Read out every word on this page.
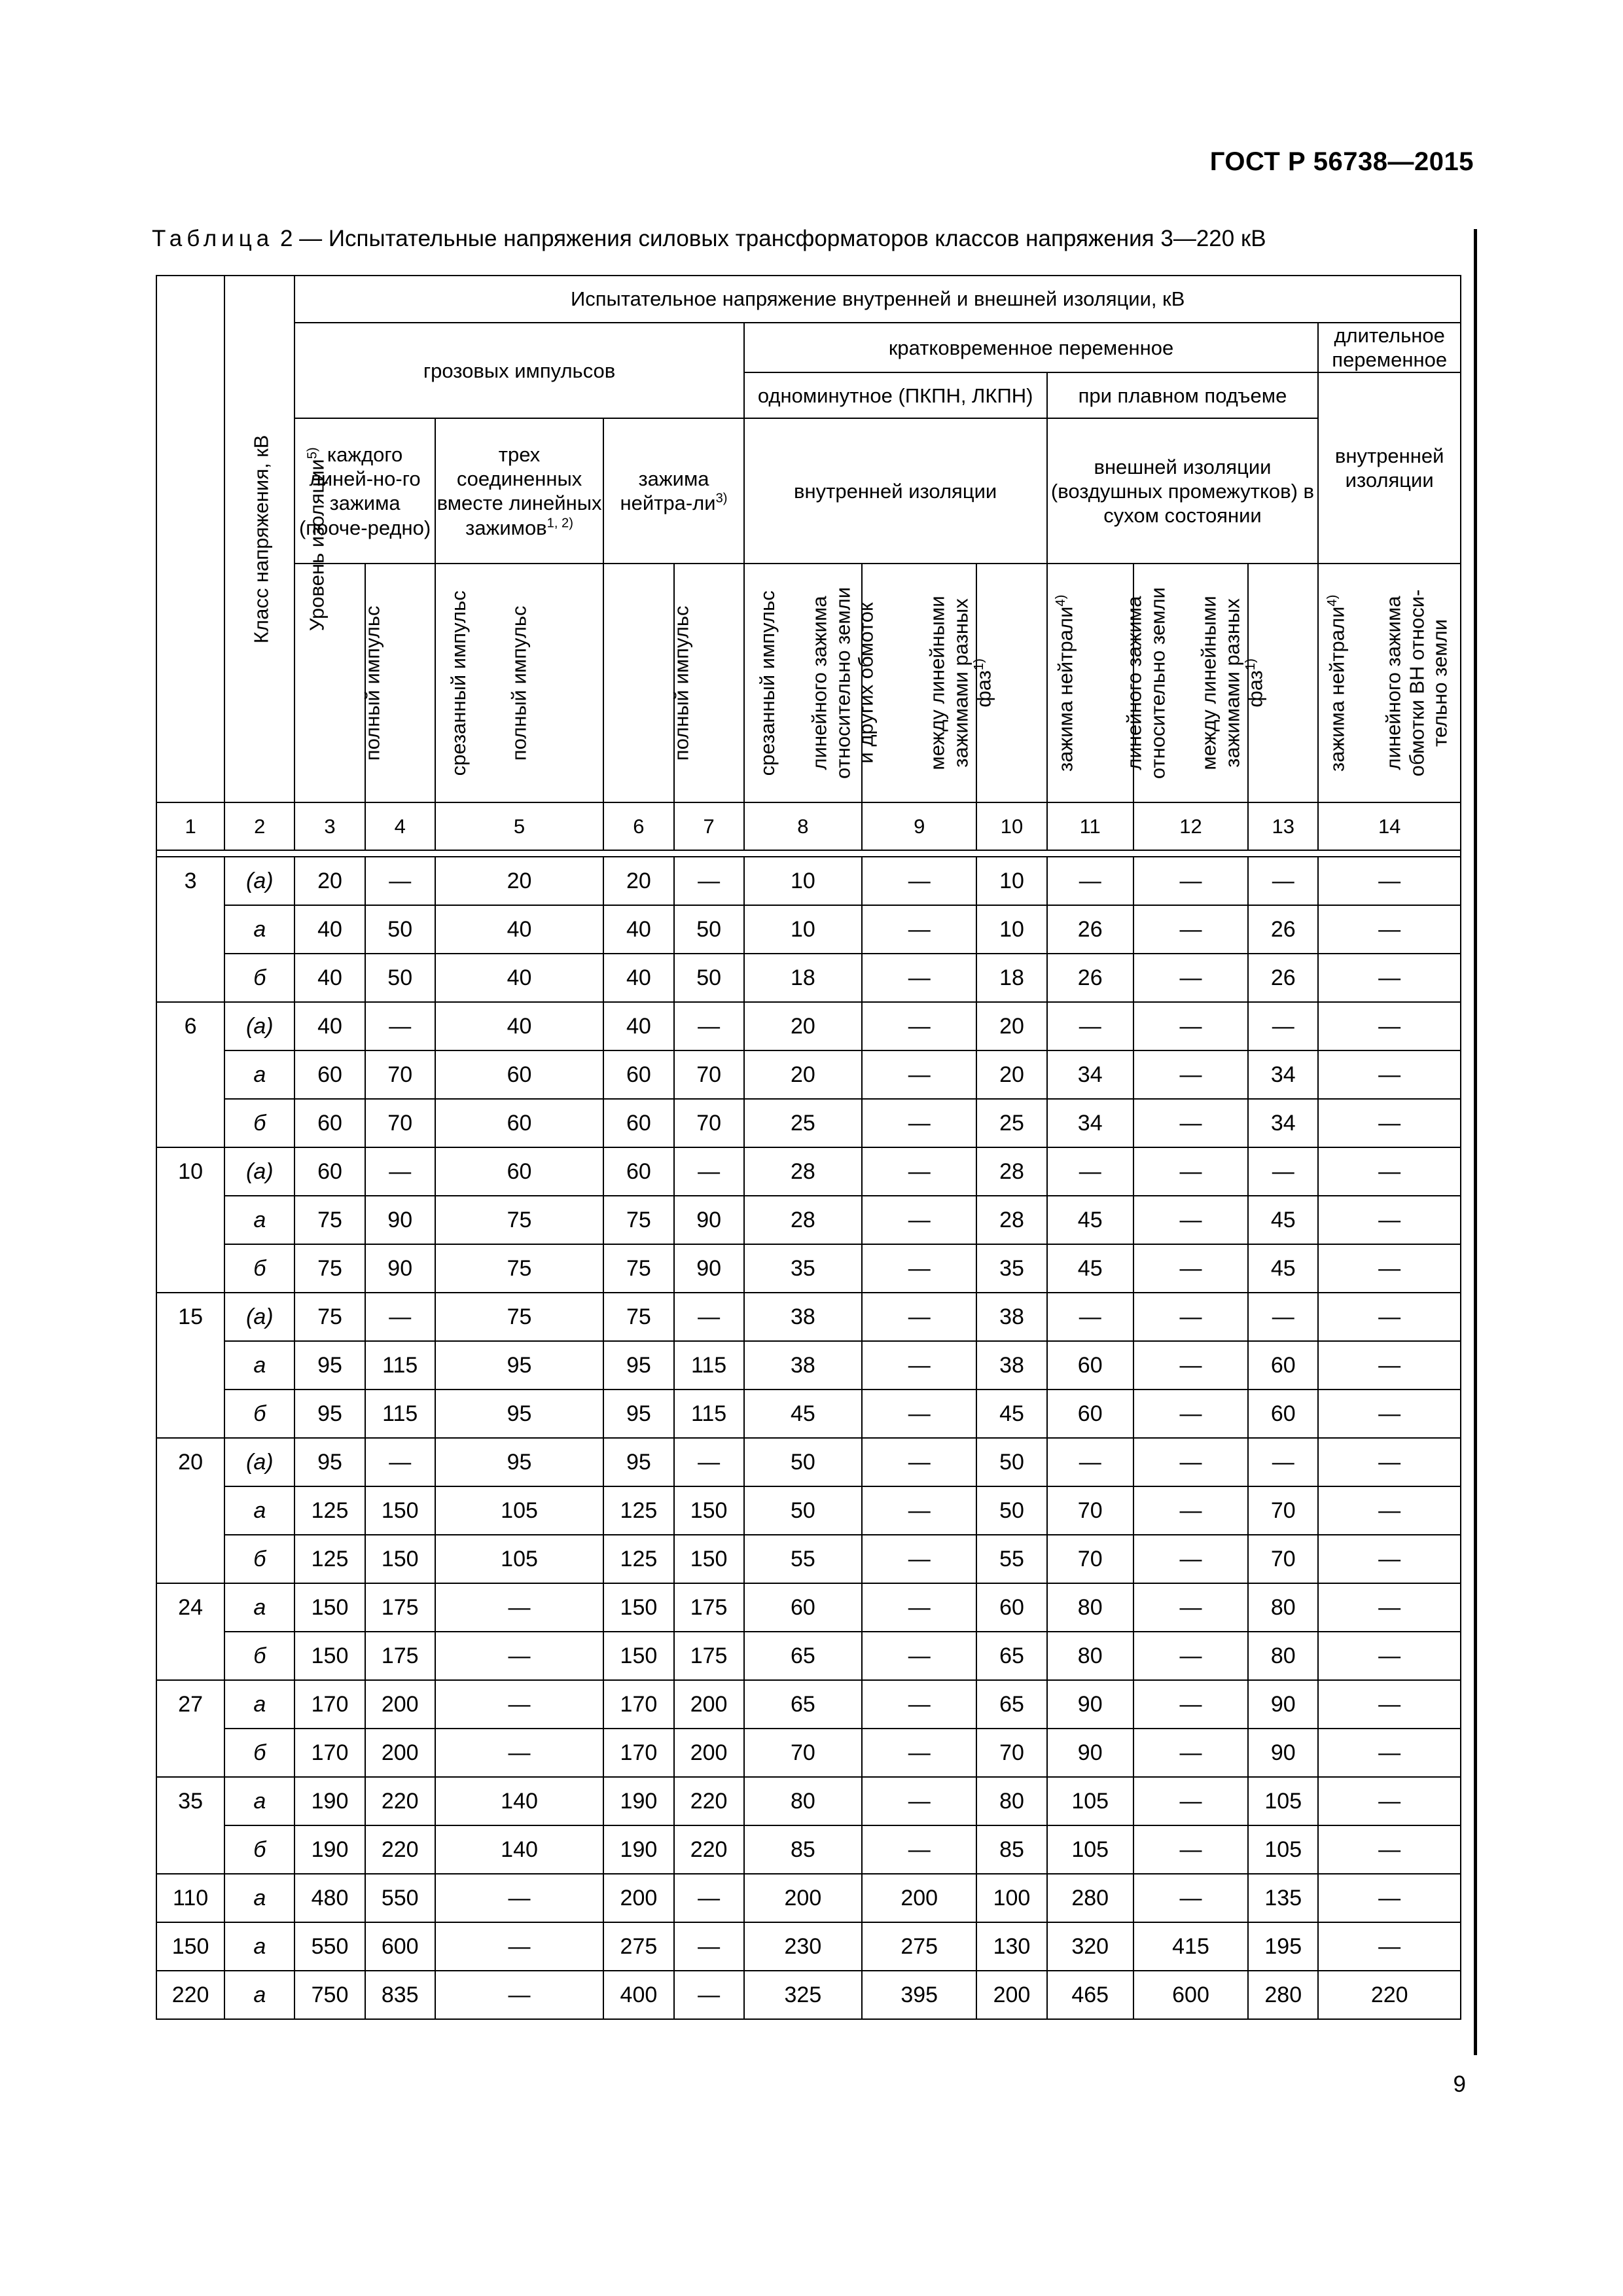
ГОСТ Р 56738—2015
Таблица 2 — Испытательные напряжения силовых трансформаторов классов напряжения 3—220 кВ
Класс напряжения, кВ	Уровень изоляции$^{5)}$	Испытательное напряжение внутренней и внешней изоляции, кВ											
		грозовых импульсов					кратковременное переменное						длительное переменное
							одноминутное (ПКПН, ЛКПН)			при плавном подъеме			внутренней изоляции
		каждого линей-но-го зажима (пооче-редно)		трех соединенных вместе линейных зажимов$^{1, 2)}$	зажима нейтра-$ли^{3)}$		внутренней изоляции			внешней изоляции (воздушных промежутков) в сухом состоянии			
		полный импульс	срезанный импульс	полный импульс	полный импульс	срезанный импульс	линейного зажима относительно земли и других обмоток	между линейными зажимами разных фаз$^{1)}$	зажима нейтрали$^{4)}$	линейного зажима относительно земли	между линейными зажимами разных фаз$^{1)}$	зажима нейтрали$^{4)}$	линейного зажима обмотки ВН относи-тельно земли
1	2	3	4	5	6	7	8	9	10	11	12	13	14

3	(а)	20	—	20	20	—	10	—	10	—	—	—	—
	а	40	50	40	40	50	10	—	10	26	—	26	—
	б	40	50	40	40	50	18	—	18	26	—	26	—
6	(а)	40	—	40	40	—	20	—	20	—	—	—	—
	а	60	70	60	60	70	20	—	20	34	—	34	—
	б	60	70	60	60	70	25	—	25	34	—	34	—
10	(а)	60	—	60	60	—	28	—	28	—	—	—	—
	а	75	90	75	75	90	28	—	28	45	—	45	—
	б	75	90	75	75	90	35	—	35	45	—	45	—
15	(а)	75	—	75	75	—	38	—	38	—	—	—	—
	а	95	115	95	95	115	38	—	38	60	—	60	—
	б	95	115	95	95	115	45	—	45	60	—	60	—
20	(а)	95	—	95	95	—	50	—	50	—	—	—	—
	а	125	150	105	125	150	50	—	50	70	—	70	—
	б	125	150	105	125	150	55	—	55	70	—	70	—
24	а	150	175	—	150	175	60	—	60	80	—	80	—
	б	150	175	—	150	175	65	—	65	80	—	80	—
27	а	170	200	—	170	200	65	—	65	90	—	90	—
	б	170	200	—	170	200	70	—	70	90	—	90	—
35	а	190	220	140	190	220	80	—	80	105	—	105	—
	б	190	220	140	190	220	85	—	85	105	—	105	—
110	а	480	550	—	200	—	200	200	100	280	—	135	—
150	а	550	600	—	275	—	230	275	130	320	415	195	—
220	а	750	835	—	400	—	325	395	200	465	600	280	220
9
